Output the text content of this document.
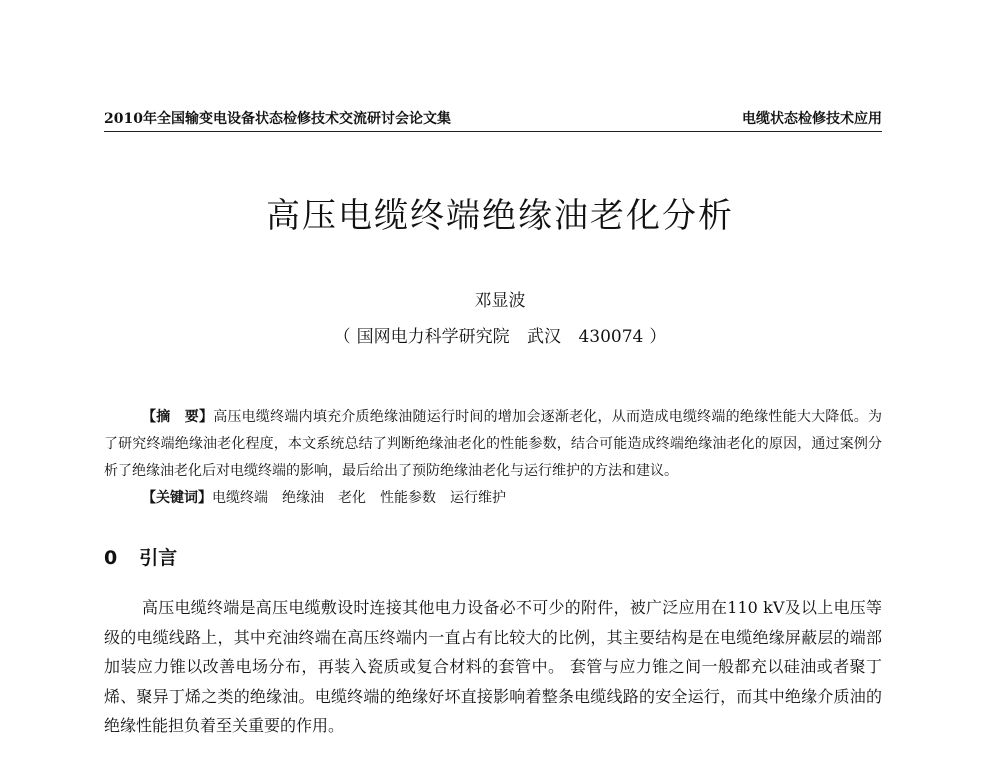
2010年全国输变电设备状态检修技术交流研讨会论文集	电缆状态检修技术应用
高压电缆终端绝缘油老化分析
邓显波
（ 国网电力科学研究院 武汉 430074 ）
【摘　要】高压电缆终端内填充介质绝缘油随运行时间的增加会逐渐老化，从而造成电缆终端的绝缘性能大大降低。为了研究终端绝缘油老化程度，本文系统总结了判断绝缘油老化的性能参数，结合可能造成终端绝缘油老化的原因，通过案例分析了绝缘油老化后对电缆终端的影响，最后给出了预防绝缘油老化与运行维护的方法和建议。
【关键词】电缆终端 绝缘油 老化 性能参数 运行维护
0 引言
高压电缆终端是高压电缆敷设时连接其他电力设备必不可少的附件，被广泛应用在110 kV及以上电压等级的电缆线路上，其中充油终端在高压终端内一直占有比较大的比例，其主要结构是在电缆绝缘屏蔽层的端部加装应力锥以改善电场分布，再装入瓷质或复合材料的套管中。 套管与应力锥之间一般都充以硅油或者聚丁烯、聚异丁烯之类的绝缘油。电缆终端的绝缘好坏直接影响着整条电缆线路的安全运行，而其中绝缘介质油的绝缘性能担负着至关重要的作用。
